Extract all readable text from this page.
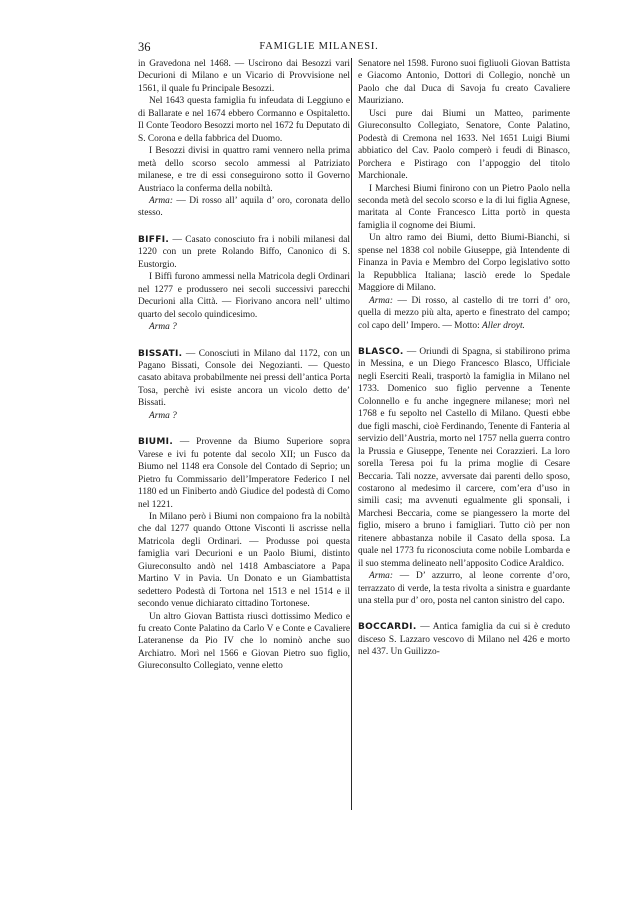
36	FAMIGLIE MILANESI.

in Gravedona nel 1468. — Uscirono dai Besozzi vari Decurioni di Milano e un Vicario di Provvisione nel 1561, il quale fu Principale Besozzi.

Nel 1643 questa famiglia fu infeudata di Leggiuno e di Ballarate e nel 1674 ebbero Cormanno e Ospitaletto. Il Conte Teodoro Besozzi morto nel 1672 fu Deputato di S. Corona e della fabbrica del Duomo.

I Besozzi divisi in quattro rami vennero nella prima metà dello scorso secolo ammessi al Patriziato milanese, e tre di essi conseguirono sotto il Governo Austriaco la conferma della nobiltà.

Arma: — Di rosso all’ aquila d’ oro, coronata dello stesso.

BIFFI. — Casato conosciuto fra i nobili milanesi dal 1220 con un prete Rolando Biffo, Canonico di S. Eustorgio.

I Biffi furono ammessi nella Matricola degli Ordinari nel 1277 e produssero nei secoli successivi parecchi Decurioni alla Città. — Fiorivano ancora nell’ ultimo quarto del secolo quindicesimo.

Arma ?

BISSATI. — Conosciuti in Milano dal 1172, con un Pagano Bissati, Console dei Negozianti. — Questo casato abitava probabilmente nei pressi dell’antica Porta Tosa, perchè ivi esiste ancora un vicolo detto de’ Bissati.

Arma ?

BIUMI. — Provenne da Biumo Superiore sopra Varese e ivi fu potente dal secolo XII; un Fusco da Biumo nel 1148 era Console del Contado di Seprio; un Pietro fu Commissario dell’Imperatore Federico I nel 1180 ed un Finiberto andò Giudice del podestà di Como nel 1221.

In Milano però i Biumi non compaiono fra la nobiltà che dal 1277 quando Ottone Visconti li ascrisse nella Matricola degli Ordinari. — Produsse poi questa famiglia vari Decurioni e un Paolo Biumi, distinto Giureconsulto andò nel 1418 Ambasciatore a Papa Martino V in Pavia. Un Donato e un Giambattista sedettero Podestà di Tortona nel 1513 e nel 1514 e il secondo venue dichiarato cittadino Tortonese.

Un altro Giovan Battista riuscì dottissimo Medico e fu creato Conte Palatino da Carlo V e Conte e Cavaliere Lateranense da Pio IV che lo nominò anche suo Archiatro. Morì nel 1566 e Giovan Pietro suo figlio, Giureconsulto Collegiato, venne eletto

Senatore nel 1598. Furono suoi figliuoli Giovan Battista e Giacomo Antonio, Dottori di Collegio, nonchè un Paolo che dal Duca di Savoja fu creato Cavaliere Mauriziano.

Usci pure dai Biumi un Matteo, parimente Giureconsulto Collegiato, Senatore, Conte Palatino, Podestà di Cremona nel 1633. Nel 1651 Luigi Biumi abbiatico del Cav. Paolo comperò i feudi di Binasco, Porchera e Pistirago con l’appoggio del titolo Marchionale.

I Marchesi Biumi finirono con un Pietro Paolo nella seconda metà del secolo scorso e la di lui figlia Agnese, maritata al Conte Francesco Litta portò in questa famiglia il cognome dei Biumi.

Un altro ramo dei Biumi, detto Biumi-Bianchi, si spense nel 1838 col nobile Giuseppe, già Intendente di Finanza in Pavia e Membro del Corpo legislativo sotto la Repubblica Italiana; lasciò erede lo Spedale Maggiore di Milano.

Arma: — Di rosso, al castello di tre torri d’ oro, quella di mezzo più alta, aperto e finestrato del campo; col capo dell’ Impero. — Motto: Aller droyt.

BLASCO. — Oriundi di Spagna, si stabilirono prima in Messina, e un Diego Francesco Blasco, Ufficiale negli Eserciti Reali, trasportò la famiglia in Milano nel 1733. Domenico suo figlio pervenne a Tenente Colonnello e fu anche ingegnere milanese; morì nel 1768 e fu sepolto nel Castello di Milano. Questi ebbe due figli maschi, cioè Ferdinando, Tenente di Fanteria al servizio dell’Austria, morto nel 1757 nella guerra contro la Prussia e Giuseppe, Tenente nei Corazzieri. La loro sorella Teresa poi fu la prima moglie di Cesare Beccaria. Tali nozze, avversate dai parenti dello sposo, costarono al medesimo il carcere, com’era d’uso in simili casi; ma avvenuti egualmente gli sponsali, i Marchesi Beccaria, come se piangessero la morte del figlio, misero a bruno i famigliari. Tutto ciò per non ritenere abbastanza nobile il Casato della sposa. La quale nel 1773 fu riconosciuta come nobile Lombarda e il suo stemma delineato nell’apposito Codice Araldico.

Arma: — D’ azzurro, al leone corrente d’oro, terrazzato di verde, la testa rivolta a sinistra e guardante una stella pur d’ oro, posta nel canton sinistro del capo.

BOCCARDI. — Antica famiglia da cui si è creduto disceso S. Lazzaro vescovo di Milano nel 426 e morto nel 437. Un Guilizzo-
